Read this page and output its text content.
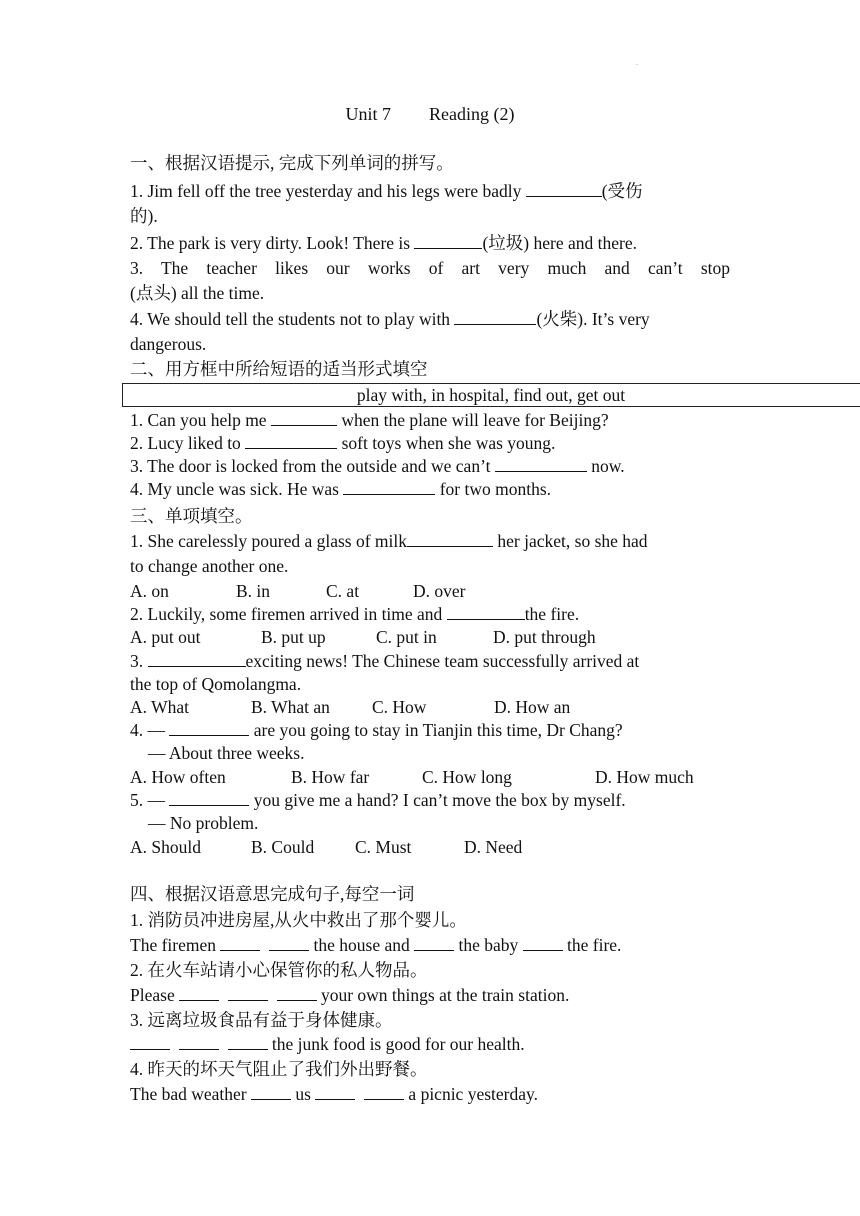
.
Unit 7 Reading (2)
一、根据汉语提示, 完成下列单词的拼写。
1. Jim fell off the tree yesterday and his legs were badly	(受伤
的).
2. The park is very dirty. Look! There is	(垃圾) here and there.
3. The teacher likes our works of art very much and can’t stop
(点头) all the time.
4. We should tell the students not to play with	(火柴). It’s very
dangerous.
二、用方框中所给短语的适当形式填空
play with, in hospital, find out, get out
1. Can you help me	when the plane will leave for Beijing?
2. Lucy liked to	soft toys when she was young.
3. The door is locked from the outside and we can’t	now.
4. My uncle was sick. He was	for two months.
三、单项填空。
1. She carelessly poured a glass of milk	her jacket, so she had
to change another one.
A. on	B. in	C. at	D. over
2. Luckily, some firemen arrived in time and	the fire.
A. put out	B. put up	C. put in	D. put through
3.	exciting news! The Chinese team successfully arrived at
the top of Qomolangma.
A. What	B. What an C. How	D. How an
4. —	are you going to stay in Tianjin this time, Dr Chang?
— About three weeks.
A. How often	B. How far	C. How long	D. How much
5. —	you give me a hand? I can’t move the box by myself.
— No problem.
A. Should	B. Could C. Must	D. Need
四、根据汉语意思完成句子,每空一词
1. 消防员冲进房屋,从火中救出了那个婴儿。
The firemen	the house and  the baby  the fire.
2. 在火车站请小心保管你的私人物品。
Please	your own things at the train station.
3. 远离垃圾食品有益于身体健康。
the junk food is good for our health.
4. 昨天的坏天气阻止了我们外出野餐。
The bad weather  us	a picnic yesterday.
